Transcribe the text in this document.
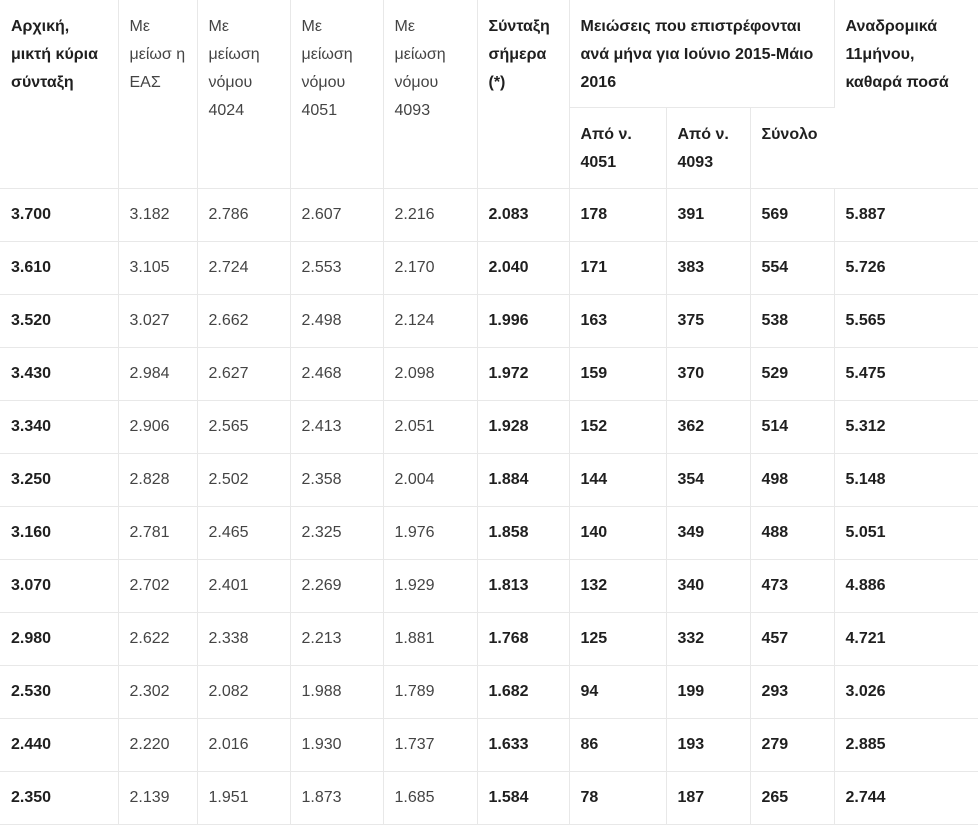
Αρχική, μικτή κύρια σύνταξη	Με μείωσ η ΕΑΣ	Με μείωση νόμου 4024	Με μείωση νόμου 4051	Με μείωση νόμου 4093	Σύνταξη σήμερα (*)	Μειώσεις που επιστρέφονται ανά μήνα για Ιούνιο 2015-Μάιο 2016			Αναδρομικά 11μήνου, καθαρά ποσά
						Από ν. 4051	Από ν. 4093	Σύνολο	
3.700	3.182	2.786	2.607	2.216	2.083	178	391	569	5.887
3.610	3.105	2.724	2.553	2.170	2.040	171	383	554	5.726
3.520	3.027	2.662	2.498	2.124	1.996	163	375	538	5.565
3.430	2.984	2.627	2.468	2.098	1.972	159	370	529	5.475
3.340	2.906	2.565	2.413	2.051	1.928	152	362	514	5.312
3.250	2.828	2.502	2.358	2.004	1.884	144	354	498	5.148
3.160	2.781	2.465	2.325	1.976	1.858	140	349	488	5.051
3.070	2.702	2.401	2.269	1.929	1.813	132	340	473	4.886
2.980	2.622	2.338	2.213	1.881	1.768	125	332	457	4.721
2.530	2.302	2.082	1.988	1.789	1.682	94	199	293	3.026
2.440	2.220	2.016	1.930	1.737	1.633	86	193	279	2.885
2.350	2.139	1.951	1.873	1.685	1.584	78	187	265	2.744
